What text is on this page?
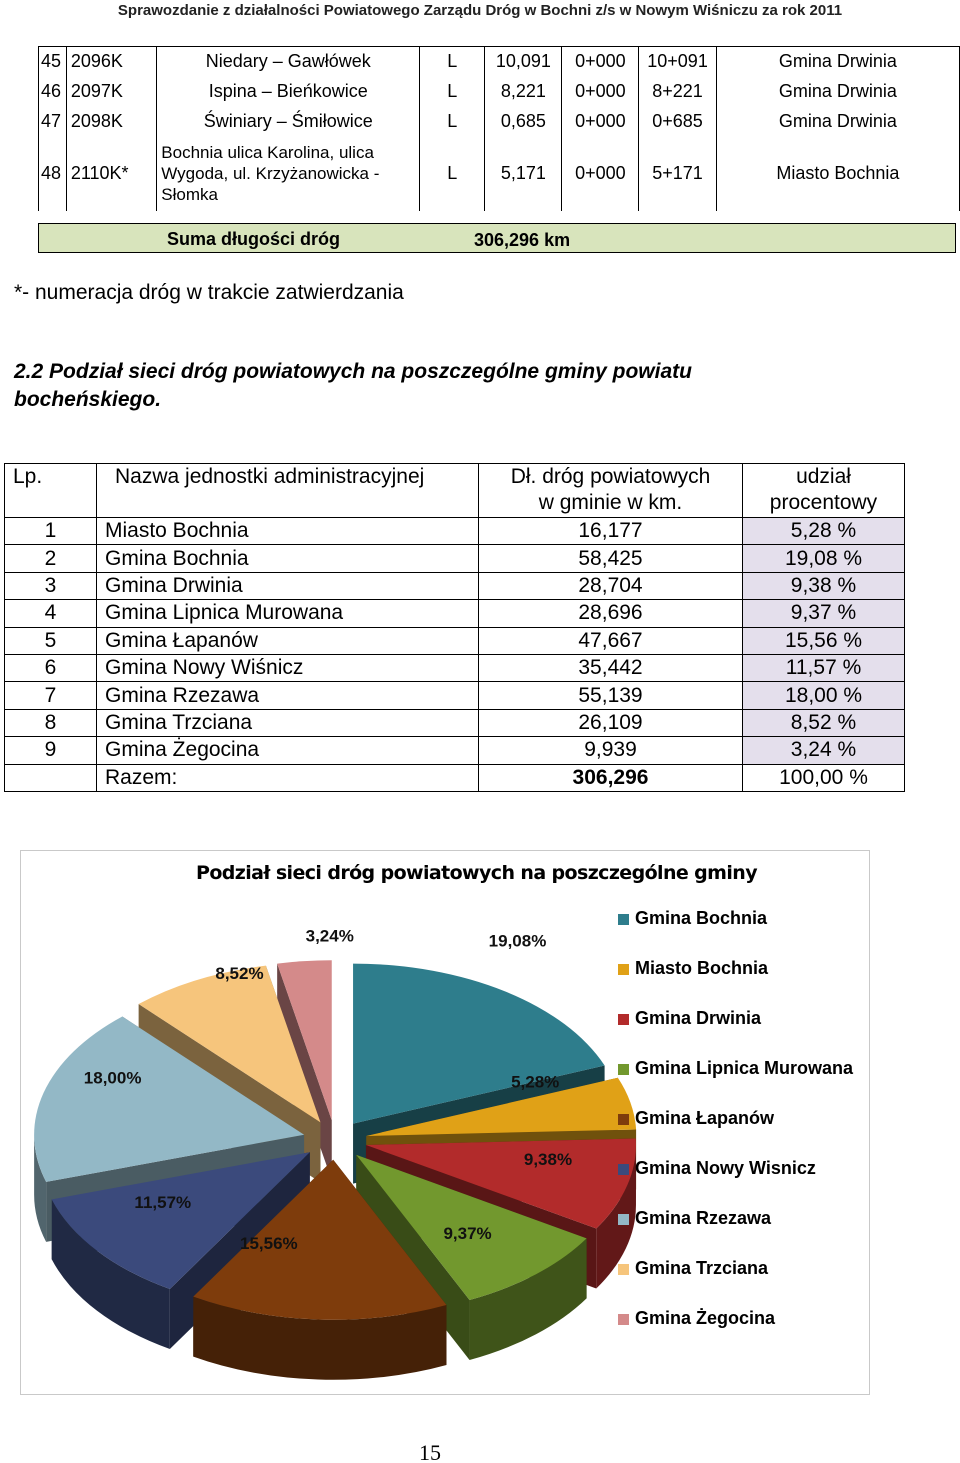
Sprawozdanie z działalności Powiatowego Zarządu Dróg w Bochni z/s w Nowym Wiśniczu za rok 2011
45	2096K	Niedary – Gawłówek	L	10,091	0+000	10+091	Gmina Drwinia
46	2097K	Ispina – Bieńkowice	L	8,221	0+000	8+221	Gmina Drwinia
47	2098K	Świniary – Śmiłowice	L	0,685	0+000	0+685	Gmina Drwinia
48	2110K*	Bochnia ulica Karolina, ulica Wygoda, ul. Krzyżanowicka - Słomka	L	5,171	0+000	5+171	Miasto Bochnia
Suma długości dróg	306,296 km
*- numeracja dróg w trakcie zatwierdzania
2.2 Podział sieci dróg powiatowych na poszczególne gminy powiatu bocheńskiego.
Lp.	Nazwa jednostki administracyjnej	Dł. dróg powiatowych w gminie w km.	udział procentowy
1	Miasto Bochnia	16,177	5,28 %
2	Gmina Bochnia	58,425	19,08 %
3	Gmina Drwinia	28,704	9,38 %
4	Gmina Lipnica Murowana	28,696	9,37 %
5	Gmina Łapanów	47,667	15,56 %
6	Gmina Nowy Wiśnicz	35,442	11,57 %
7	Gmina Rzezawa	55,139	18,00 %
8	Gmina Trzciana	26,109	8,52 %
9	Gmina Żegocina	9,939	3,24 %
	Razem:	306,296	100,00 %
Podział sieci dróg powiatowych na poszczególne gminy
19,08%
5,28%
9,38%
9,37%
15,56%
11,57%
18,00%
8,52%
3,24%
Gmina Bochnia
Miasto Bochnia
Gmina Drwinia
Gmina Lipnica Murowana
Gmina Łapanów
Gmina Nowy Wisnicz
Gmina Rzezawa
Gmina Trzciana
Gmina Żegocina
15
